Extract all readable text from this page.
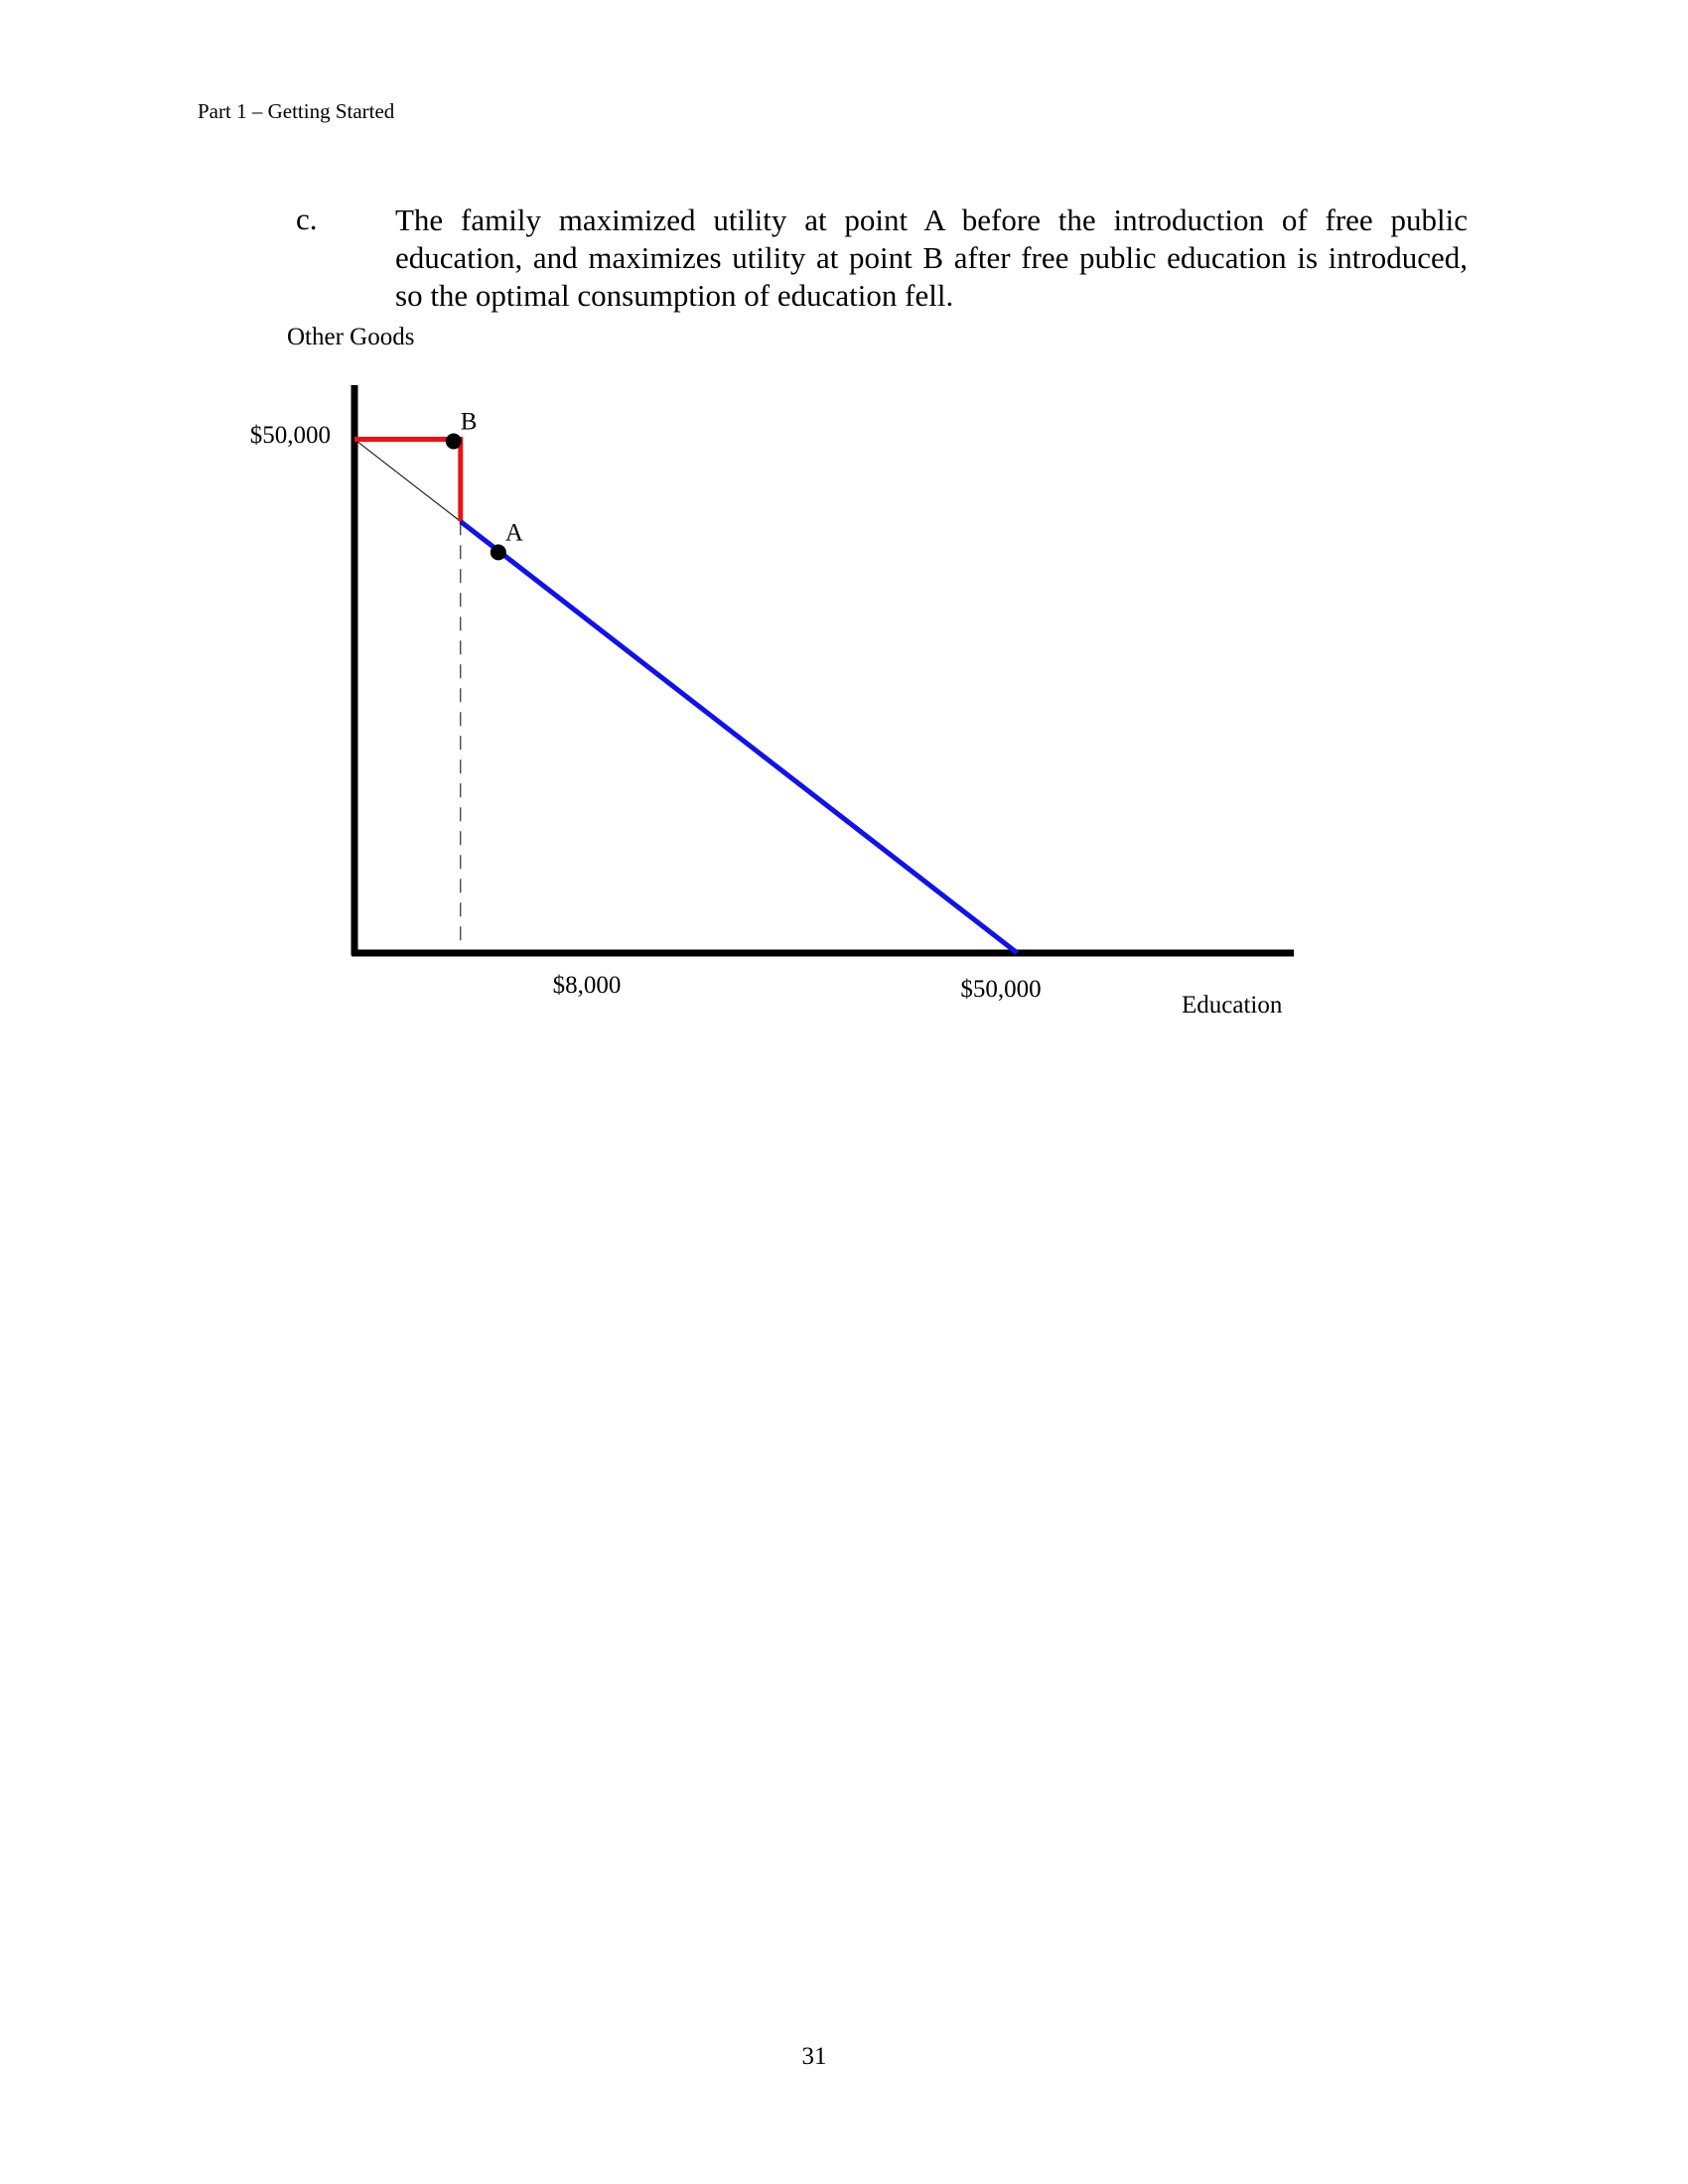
Part 1 – Getting Started
c.	The family maximized utility at point A before the introduction of free public education, and maximizes utility at point B after free public education is introduced, so the optimal consumption of education fell.
Other Goods
Education
$50,000
$8,000	$50,000
B
A
31
